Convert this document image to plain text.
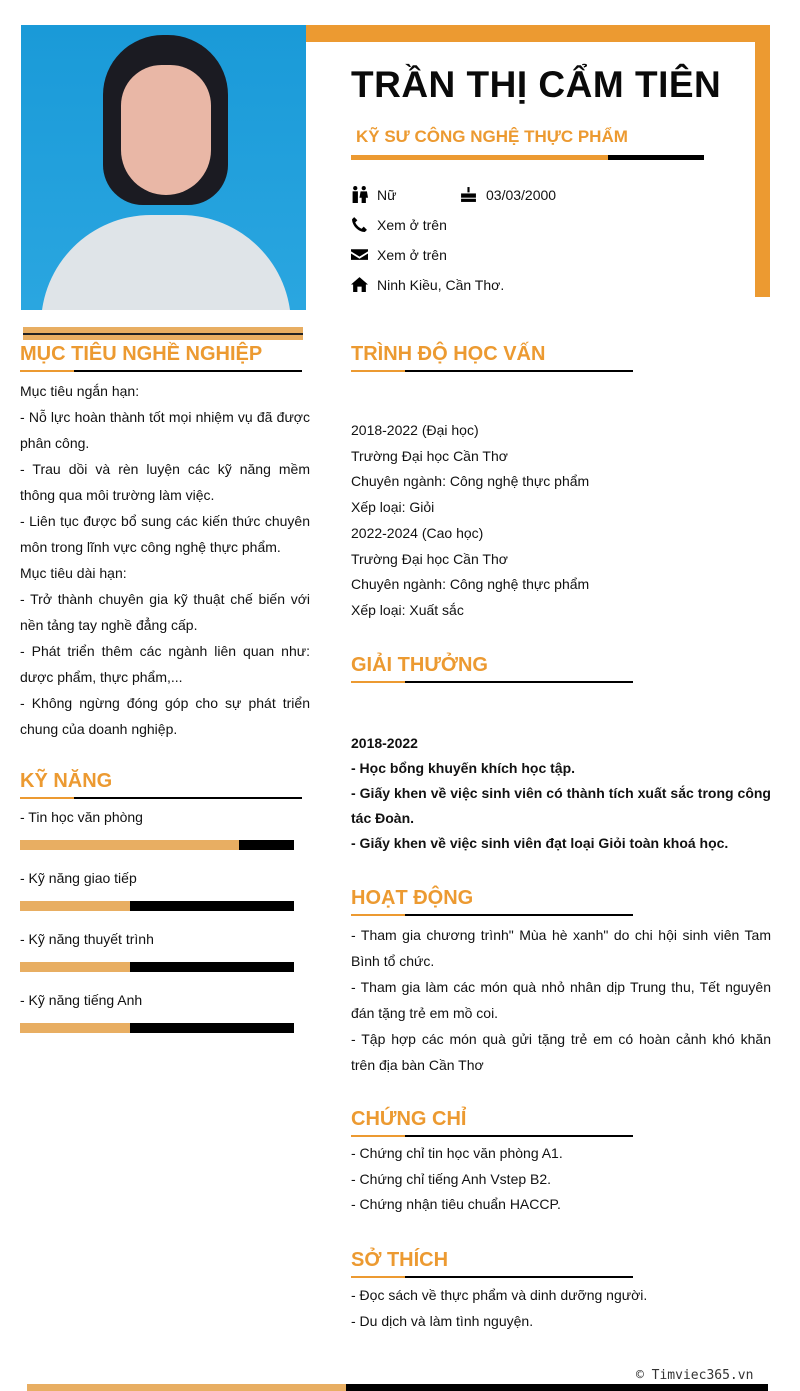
TRẦN THỊ CẨM TIÊN
KỸ SƯ CÔNG NGHỆ THỰC PHẨM
Nữ	03/03/2000
Xem ở trên
Xem ở trên
Ninh Kiều, Cần Thơ.
MỤC TIÊU NGHỀ NGHIỆP
Mục tiêu ngắn hạn:
- Nỗ lực hoàn thành tốt mọi nhiệm vụ đã được phân công.
- Trau dồi và rèn luyện các kỹ năng mềm thông qua môi trường làm việc.
- Liên tục được bổ sung các kiến thức chuyên môn trong lĩnh vực công nghệ thực phẩm.
Mục tiêu dài hạn:
- Trở thành chuyên gia kỹ thuật chế biến với nền tảng tay nghề đẳng cấp.
- Phát triển thêm các ngành liên quan như: dược phẩm, thực phẩm,...
- Không ngừng đóng góp cho sự phát triển chung của doanh nghiệp.
KỸ NĂNG
- Tin học văn phòng
- Kỹ năng giao tiếp
- Kỹ năng thuyết trình
- Kỹ năng tiếng Anh
TRÌNH ĐỘ HỌC VẤN
2018-2022 (Đại học)
Trường Đại học Cần Thơ
Chuyên ngành: Công nghệ thực phẩm
Xếp loại: Giỏi
2022-2024 (Cao học)
Trường Đại học Cần Thơ
Chuyên ngành: Công nghệ thực phẩm
Xếp loại: Xuất sắc
GIẢI THƯỞNG
2018-2022
- Học bổng khuyến khích học tập.
- Giấy khen về việc sinh viên có thành tích xuất sắc trong công tác Đoàn.
- Giấy khen về việc sinh viên đạt loại Giỏi toàn khoá học.
HOẠT ĐỘNG
- Tham gia chương trình" Mùa hè xanh" do chi hội sinh viên Tam Bình tổ chức.
- Tham gia làm các món quà nhỏ nhân dịp Trung thu, Tết nguyên đán tặng trẻ em mồ coi.
- Tập hợp các món quà gửi tặng trẻ em có hoàn cảnh khó khăn trên địa bàn Cần Thơ
CHỨNG CHỈ
- Chứng chỉ tin học văn phòng A1.
- Chứng chỉ tiếng Anh Vstep B2.
- Chứng nhận tiêu chuẩn HACCP.
SỞ THÍCH
- Đọc sách về thực phẩm và dinh dưỡng người.
- Du dịch và làm tình nguyện.
© Timviec365.vn
